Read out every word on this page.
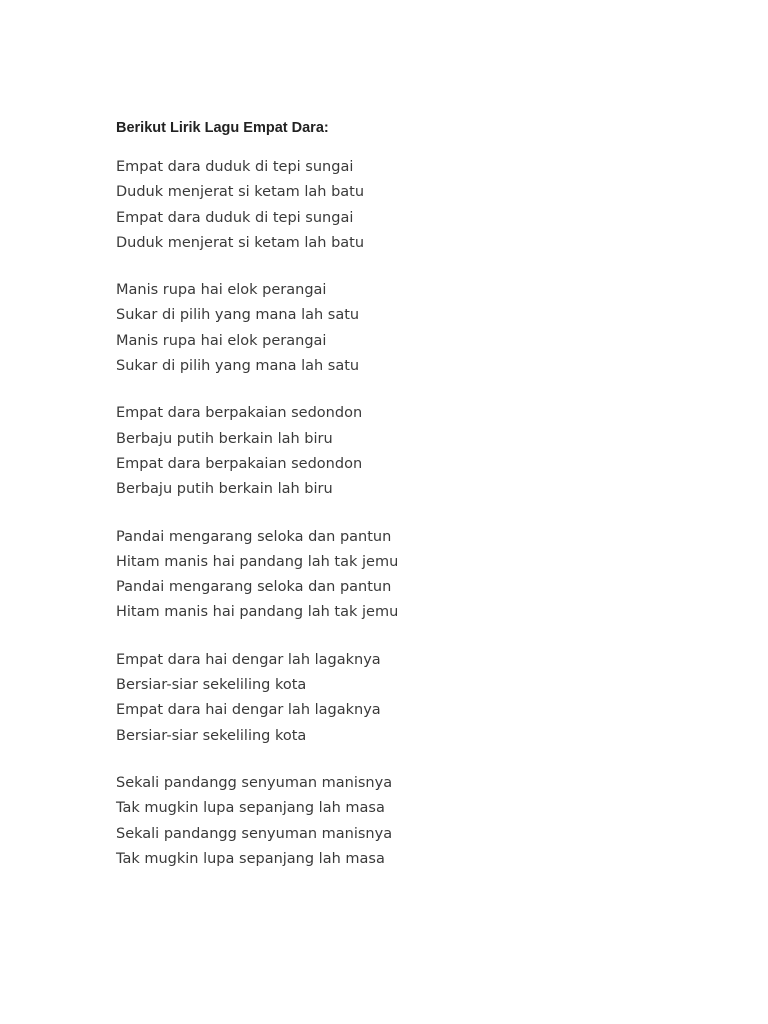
Berikut Lirik Lagu Empat Dara:
Empat dara duduk di tepi sungai
Duduk menjerat si ketam lah batu
Empat dara duduk di tepi sungai
Duduk menjerat si ketam lah batu
Manis rupa hai elok perangai
Sukar di pilih yang mana lah satu
Manis rupa hai elok perangai
Sukar di pilih yang mana lah satu
Empat dara berpakaian sedondon
Berbaju putih berkain lah biru
Empat dara berpakaian sedondon
Berbaju putih berkain lah biru
Pandai mengarang seloka dan pantun
Hitam manis hai pandang lah tak jemu
Pandai mengarang seloka dan pantun
Hitam manis hai pandang lah tak jemu
Empat dara hai dengar lah lagaknya
Bersiar-siar sekeliling kota
Empat dara hai dengar lah lagaknya
Bersiar-siar sekeliling kota
Sekali pandangg senyuman manisnya
Tak mugkin lupa sepanjang lah masa
Sekali pandangg senyuman manisnya
Tak mugkin lupa sepanjang lah masa
